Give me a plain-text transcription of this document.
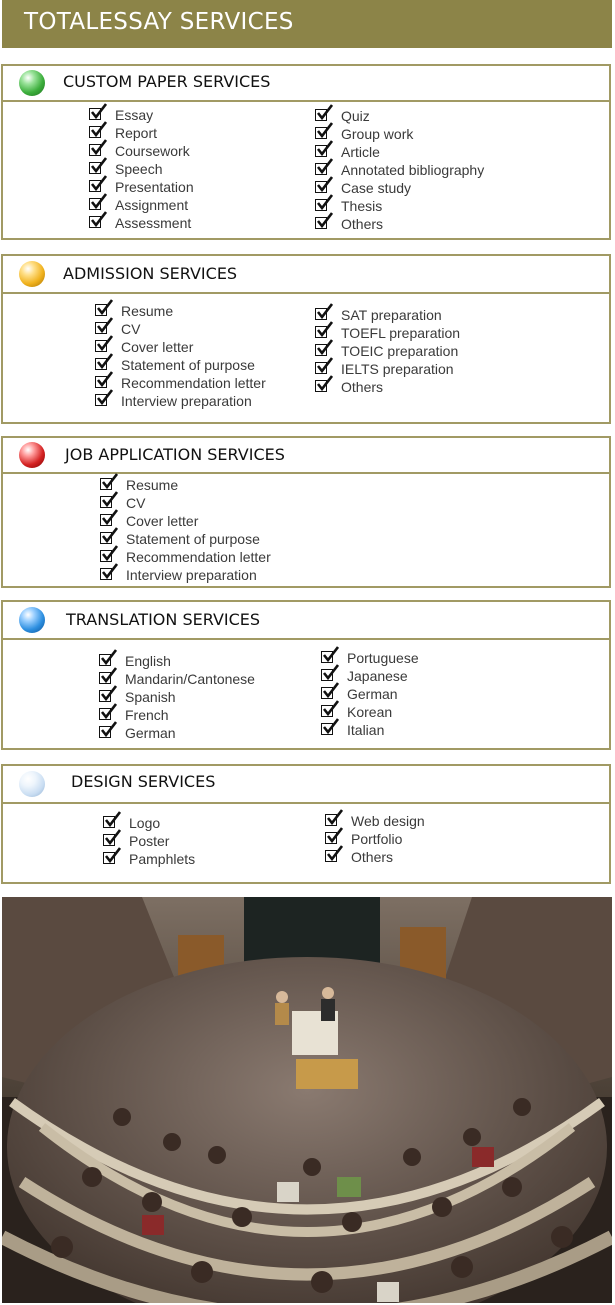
TOTALESSAY SERVICES
CUSTOM PAPER SERVICES
Essay
Report
Coursework
Speech
Presentation
Assignment
Assessment
Quiz
Group work
Article
Annotated bibliography
Case study
Thesis
Others
ADMISSION SERVICES
Resume
CV
Cover letter
Statement of purpose
Recommendation letter
Interview preparation
SAT preparation
TOEFL preparation
TOEIC preparation
IELTS preparation
Others
JOB APPLICATION SERVICES
Resume
CV
Cover letter
Statement of purpose
Recommendation letter
Interview preparation
TRANSLATION SERVICES
English
Mandarin/Cantonese
Spanish
French
German
Portuguese
Japanese
German
Korean
Italian
DESIGN SERVICES
Logo
Poster
Pamphlets
Web design
Portfolio
Others
